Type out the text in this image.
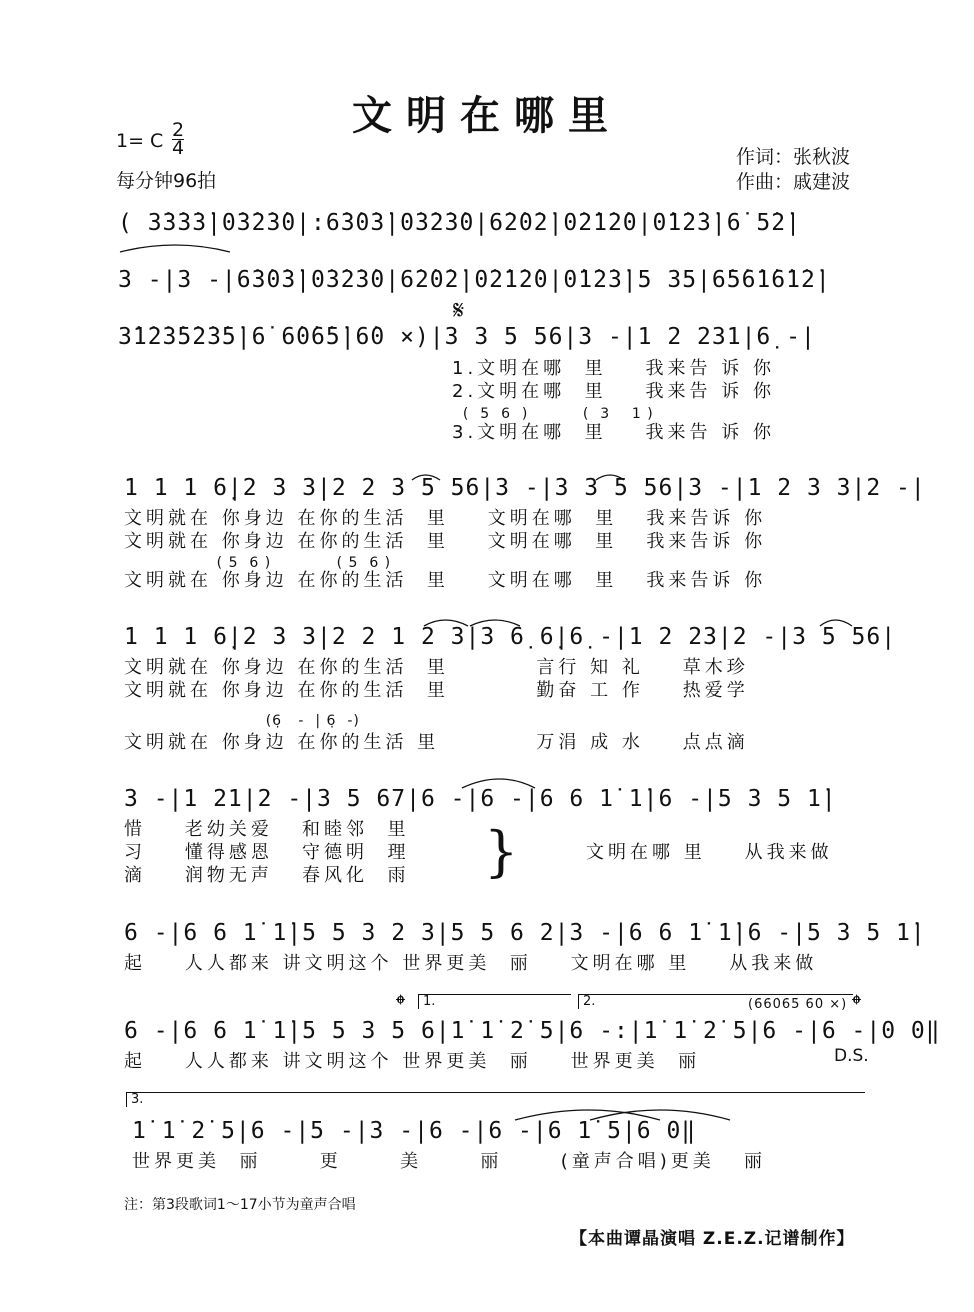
文明在哪里
1= C 2
4
每分钟96拍
作词：张秋波
作曲：戚建波
( 3̇3̇3̇3̇|0̇3̇2̇3̇0|:6̇3̇0̇3̇|0̇3̇2̇3̇0|6̇2̇0̇2̇|0̇2̇1̇2̇0|0̇1̇2̇3̇|6̇ 5̇2̇|
3 -|3 -|6̇3̇0̇3̇|0̇3̇2̇3̇0|6̇2̇0̇2̇|0̇2̇1̇2̇0|0̇1̇2̇3̇|5 35|6̇5̇6̇1̇6̇1̇2̇|
𝄋
3̇1̇2̇3̇5̇2̇3̇5̇|6̇ 6̇0̇6̇5̇|6̇0 ×)|3 3 5 56|3 -|1 2 231|6̣ -|
1.文明在哪  里    我来告 诉 你
2.文明在哪  里    我来告 诉 你
(  5  6  )          (  3    1 )
3.文明在哪  里    我来告 诉 你
1 1 1 6̣|2 3 3|2 2 3 5 56|3 -|3 3 5 56|3 -|1 2 3 3|2 -|
文明就在 你身边 在你的生活  里    文明在哪  里   我来告诉 你
文明就在 你身边 在你的生活  里    文明在哪  里   我来告诉 你
( 5  6 )            ( 5  6 )
文明就在 你身边 在你的生活  里    文明在哪  里   我来告诉 你
1 1 1 6̣|2 3 3|2 2 1 2 3|3 6̣ 6̣|6̣ -|1 2 23|2 -|3 5 56|
文明就在 你身边 在你的生活  里         言行 知 礼    草木珍
文明就在 你身边 在你的生活  里         勤奋 工 作    热爱学
(6̣   -  | 6̣  -)
文明就在 你身边 在你的生活 里          万涓 成 水    点点滴
3 -|1 21|2 -|3 5 67|6 -|6 -|6 6 1̇ 1̇|6 -|5 3 5 1̇|
惜    老幼关爱   和睦邻  里
习    懂得感恩   守德明  理
滴    润物无声   春风化  雨 }	文明在哪 里    从我来做
6 -|6 6 1̇ 1̇|5 5 3 2 3|5 5 6 2|3 -|6 6 1̇ 1̇|6 -|5 3 5 1̇|
起    人人都来 讲文明这个 世界更美  丽    文明在哪 里    从我来做
𝄌	1.	2.	(6̇6̇0̇6̇5̇ 6̇0̇ ×) 𝄌
6 -|6 6 1̇ 1̇|5 5 3 5 6|1̇ 1̇ 2̇ 5|6 -:|1̇ 1̇ 2̇ 5|6 -|6 -|0 0‖
起    人人都来 讲文明这个 世界更美  丽    世界更美  丽	D.S.
3.
1̇ 1̇ 2̇ 5|6 -|5 -|3 -|6 -|6 -|6 1̇ 5|6 0‖
世界更美  丽      更      美      丽      (童声合唱)更美   丽
注：第3段歌词1～17小节为童声合唱
【本曲谭晶演唱 Z.E.Z.记谱制作】
